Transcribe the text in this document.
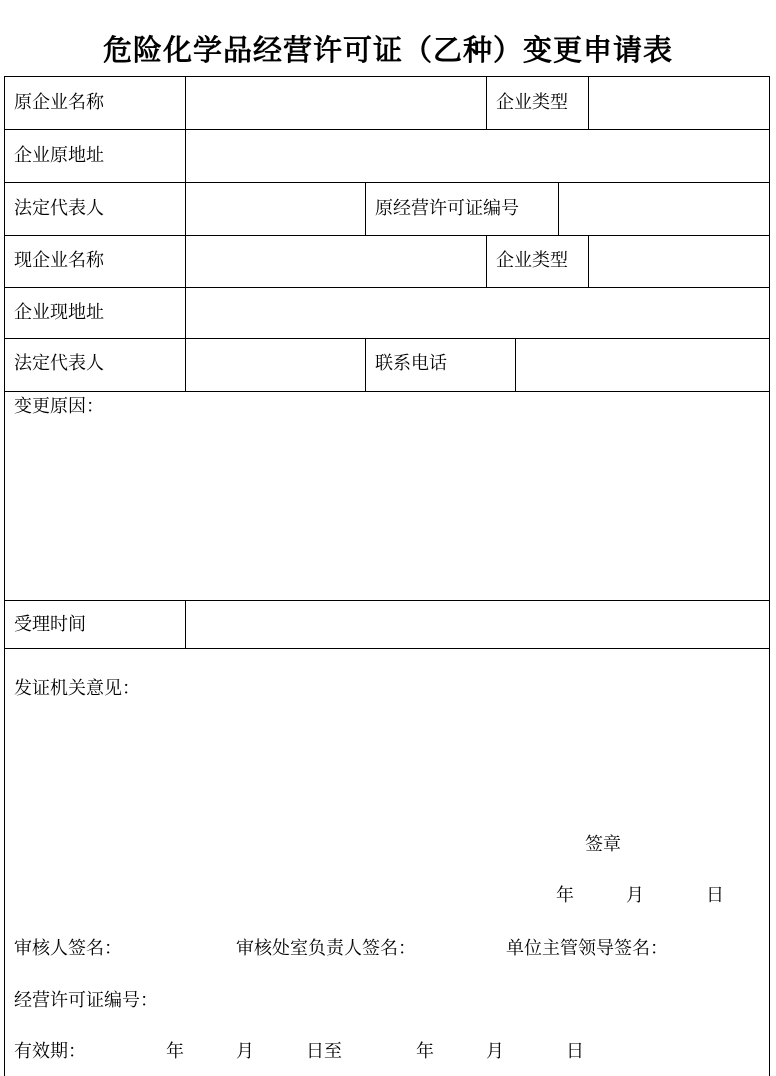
危险化学品经营许可证（乙种）变更申请表
原企业名称	企业类型
企业原地址
法定代表人	原经营许可证编号
现企业名称	企业类型
企业现地址
法定代表人	联系电话
变更原因：
受理时间
发证机关意见：
签章
年	月	日
审核人签名：	审核处室负责人签名：	单位主管领导签名：
经营许可证编号：
有效期：	年	月	日至	年	月	日
